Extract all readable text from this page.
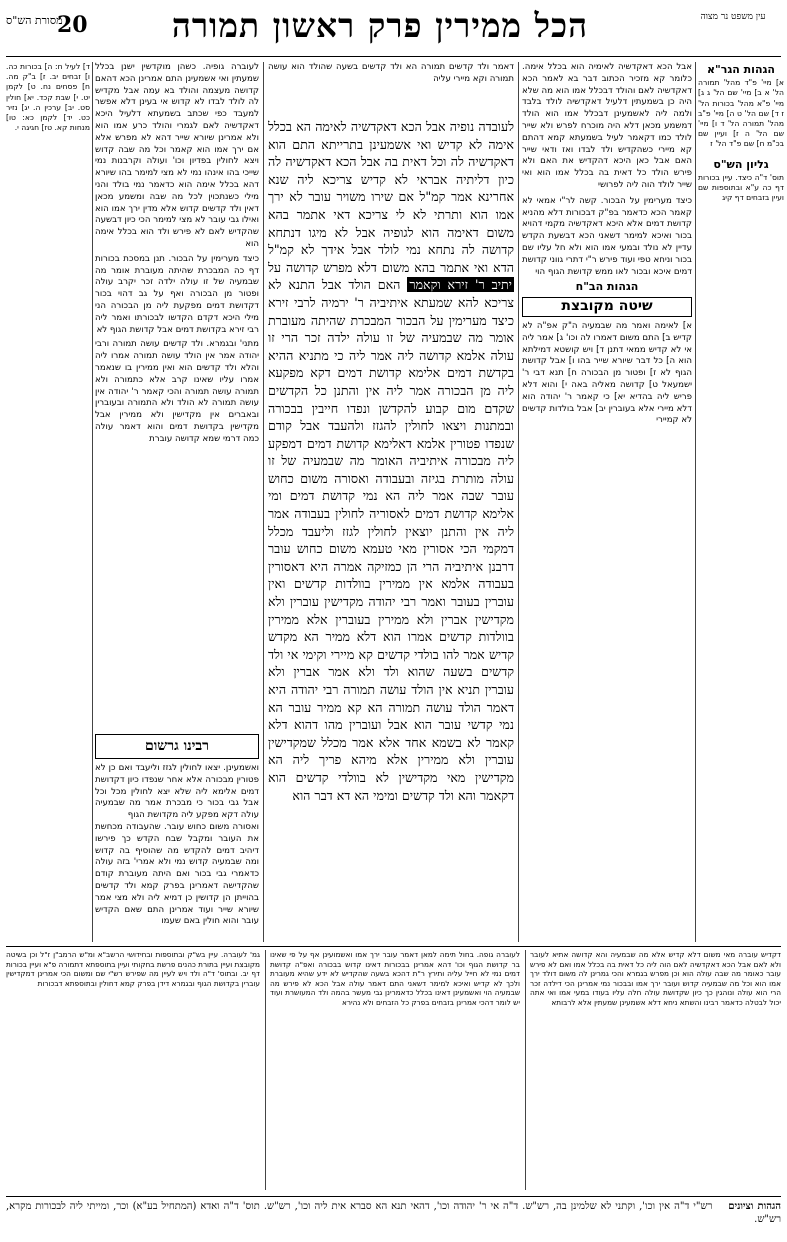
עין משפט נר מצוה
20	הכל ממירין פרק ראשון תמורה
מסורת הש"ס
הגהות הגר"א
א] מיי' פ"ד מהל' תמורה הל' א ב] מיי' שם הל' ג ג] מיי' פ"א מהל' בכורות הל' ז ד] שם הל' ט ה] מיי' פ"ב מהל' תמורה הל' ד ו] מיי' שם הל' ה ז] ועיין שם בכ"מ ח] שם פ"ד הל' ז
גליון הש"ס
תוס' ד"ה כיצד. עיין בכורות דף כה ע"א ובתוספות שם ועיין בזבחים דף קיג
אבל הכא דאקדשיה לאימיה הוא בכלל אימה. כלומר קא מזכיר הכתוב דבר בא לאמר הכא דאקדשיה לאם והולד דבכלל אמו הוא מה שלא היה כן בשמעתין דלעיל דאקדשיה לולד בלבד ולמה ליה לאשמעינן דבכלל אמו הוא הולד דמשמע מכאן דלא היה מוכרח לפרש ולא שייר לולד כמו דקאמר לעיל בשמעתא קמא דהתם קא מיירי כשהקדיש ולד לבדו ואז ודאי שייר האם אבל כאן היכא דהקדיש את האם ולא פירש הולד כל דאית בה בכלל אמו הוא ואי שייר לולד הוה ליה לפרושי
כיצד מערימין על הבכור. קשה לר"י אמאי לא קאמר הכא כדאמר בפ"ק דבכורות דלא מהניא קדושת דמים אלא היכא דאקדשיה מקמי דהויא בכור ואיכא למימר דשאני הכא דבשעת הקדש עדיין לא נולד ובמעי אמו הוא ולא חל עליו שם בכור וניחא טפי ועוד פירש ר"י דתרי גווני קדושת דמים איכא ובכור לאו ממש קדושת הגוף הוי
הגהות הב"ח
שיטה מקובצת
א] לאימה ואמר מה שבמעיה ה"ק אפ"ה לא קדיש ב] התם משום דאמרו לה וכו' ג] אמר ליה אי לא קדיש ממאי דתנן ד] ויש קושטא דמילתא הוא ה] כל דבר שיורא שייר בהו ו] אבל קדושת הגוף לא ז] ופטור מן הבכורה ח] תנא דבי ר' ישמעאל ט] קדושה מאליה באה י] והוא דלא פריש ליה בהדיא יא] כי קאמר ר' יהודה הוא דלא מיירי אלא בעוברין יב] אבל בולדות קדשים לא קמיירי
לעובדה נופיה אבל הכא דאקדשיה לאימה הא בכלל אימה לא קדיש ואי אשמעינן בתרייתא התם הוא דאקדשיה לה וכל דאית בה אבל הכא דאקדשיה לה כיון דליתיה אבראי לא קדיש צריכא ליה שנא אחרינא אמר קמ"ל אם שירו משויר עובר לא ירך אמו הוא ותרתי לא לי צריכא דאי אתמר בהא משום דאימה הוא לגופיה אבל לא מיגו דנתחא קדושה לה נתחא נמי לולד אבל אידך לא קמ"ל הדא ואי אתמר בהא משום דלא מפרש קדושה על יתיב ר' זירא וקאמר האם הולד אבל התנא לא צריכא להא שמעתא איתיביה ר' ירמיה לרבי זירא כיצד מערימין על הבכור המבכרת שהיתה מעוברת אומר מה שבמעיה של זו עולה ילדה זכר הרי זו עולה אלמא קדושה ליה אמר ליה כי מתניא ההיא בקדשת דמים אלימא קדושת דמים דקא מפקעא ליה מן הבכורה אמר ליה אין והתנן כל הקדשים שקדם מום קבוע להקדשן ונפדו חייבין בבכורה ובמתנות ויצאו לחולין להגזז ולהעבד אבל קודם שנפדו פטורין אלמא דאלימא קדושת דמים דמפקע ליה מבכורה איתיביה האומר מה שבמעיה של זו עולה מותרת בגיזה ובעבודה ואסורה משום כחוש עובר שבה אמר ליה הא נמי קדושת דמים ומי אלימא קדושת דמים לאסוריה לחולין בעבודה אמר ליה אין והתנן יוצאין לחולין לגזז וליעבד מכלל דמקמי הכי אסורין מאי טעמא משום כחוש עובר דרבנן איתיביה הרי הן כמזיקה אמרה היא דאסורין בעבודה אלמא אין ממירין בוולדות קדשים ואין עוברין בעובר ואמר רבי יהודה מקדישין עוברין ולא מקדישין אברין ולא ממירין בעוברין אלא ממירין בוולדות קדשים אמרו הוא דלא ממיר הא מקדש קדיש אמר להו בולדי קדשים קא מיירי וקימי אי ולד קדשים בשעה שהוא ולד ולא אמר אברין ולא עוברין תניא אין הולד עושה תמורה רבי יהודה היא דאמר הולד עושה תמורה הא קא ממיר עובר הא נמי קדשי עובר הוא אבל ועוברין מהו דהוא דלא קאמר לא בשמא אחד אלא אמר מכלל שמקדישין עוברין ולא ממירין אלא מיהא פריך ליה הא מקדישין מאי מקדישין לא בוולדי קדשים הוא דקאמר והא ולד קדשים ומימי הא דא דבר הוא
דאמר ולד קדשים תמורה הא ולד קדשים בשעה שהולד הוא עושה תמורה וקא מיירי עליה
לעוברה גופיה. כשהן מוקדשין ישנן בכלל שמעתין ואי אשמעינן התם אמרינן הכא דהאם קדושה מעצמה והולד בא עמה אבל מקדיש לה לולד לבדו לא קדוש אי בעינן דלא אפשר למעבד כפי שכתב בשמעתא דלעיל היכא דאקדשיה לאם לגמרי והולד כרע אמו הוא ולא אמרינן שיורא שייר דהא לא מפרש אלא אם ירך אמו הוא קאמר וכל מה שבה קדוש ויצא לחולין בפדיון וכו' ועולה וקרבנות נמי שייכי בהו אינהו נמי לא מצי למימר בהו שיורא דהא בכלל אימה הוא כדאמר נמי בולד והני מילי כשנתכוין לכל מה שבה ומשמע מכאן דאין ולד קדשים קדוש אלא מדין ירך אמו הוא ואילו גבי עובר לא מצי למימר הכי כיון דבשעה שהקדיש לאם לא פירש ולד הוא בכלל אימה הוא
כיצד מערימין על הבכור. תנן במסכת בכורות דף כה המבכרת שהיתה מעוברת אומר מה שבמעיה של זו עולה ילדה זכר יקרב עולה ופטור מן הבכורה ואף על גב דהוי בכור דקדושת דמים מפקעת ליה מן הבכורה הני מילי היכא דקדם הקדשו לבכורתו ואמר ליה רבי זירא בקדושת דמים אבל קדושת הגוף לא
מתני' ובגמרא. ולד קדשים עושה תמורה ורבי יהודה אמר אין הולד עושה תמורה אמרו ליה והלא ולד קדשים הוא ואין ממירין בו שנאמר אמרו עליו שאינו קרב אלא כתמורה ולא תמורה עושה תמורה והכי קאמר ר' יהודה אין עושה תמורה לא הולד ולא התמורה ובעוברין ובאברים אין מקדישין ולא ממירין אבל מקדישין בקדושת דמים והוא דאמר עולה כמה דרמי שמא קדושה עוברת
רבינו גרשום
ואשמעינן. יצאו לחולין לגזז וליעבד ואם כן לא פטורין מבכורה אלא אחר שנפדו כיון דקדושת דמים אלימא ליה שלא יצא לחולין מכל וכל אבל גבי בכור כי מבכרת אמר מה שבמעיה עולה דקא מפקע ליה מקדושת הגוף
ואסורה משום כחוש עובר. שהעבודה מכחשת את העובר ומקבל שבח הקדש כך פירשו דיהיב דמים להקדש מה שהוסיף בה קדוש ומה שבמעיה קדוש נמי ולא אמרי' בזה עולה כדאמרי גבי בכור ואם היתה מעוברת קודם שהקדישה דאמרינן בפרק קמא ולד קדשים בהוייתן הן קדושין כן דמיא ליה ולא מצי אמר שיורא שייר ועוד אמרינן התם שאם הקדיש עובר והוא חולין באם שעמו
ד] לעיל ח: ה] בכורות כה. ו] זבחים יב. ז] ב"ק מה. ח] פסחים נח. ט] לקמן יט. י] שבת קכד. יא] חולין סט. יב] ערכין ה. יג] נזיר כט. יד] לקמן כא: טו] מנחות קא. טז] חגיגה י.
דקדיש עוברה מאי משום דלא קדיש אלא מה שבמעיה והא קדושה אתיא לעובר ולא לאם אבל הכא דאקדשיה לאם הוה ליה כל דאית בה בכלל אמו ואם לא פירש עובר כאומר מה שבה עולה הוא וכן מפרש בגמרא והכי גמרינן לה משום דולד ירך אמו הוא וכל מה שבמעיה קדוש ועובר ירך אמו ובבכור נמי אמרינן הכי דילדה זכר הרי הוא עולה ונוהגין כך כיון שקדושת עולה חלה עליו בעודו במעי אמו ואי אתה יכול לבטלה כדאמר רבינו והשתא ניחא דלא אשמעינן שמעתין אלא לרבותא
לעוברה גופה. בחול תימה למאן דאמר עובר ירך אמו ואשמועינן אף על פי שאינו בר קדושת הגוף וכו' דהא אמרינן בבכורות דאינו קדוש בבכורה ואפ"ה קדושת דמים נמי לא חייל עליה ותירץ ר"ת דהכא בשעה שהקדיש לא ידע שהיא מעוברת ולכך לא קדיש ואיכא למימר דשאני התם דאמר עולה אבל הכא לא פירש מה שבמעיה הוי ואשמעינן דאינו בכלל כדאמרינן גבי מעשר בהמה ולד המעושרת ועוד יש לומר דהכי אמרינן בזבחים בפרק כל הזבחים ולא נהירא
גמ' לעוברה. עיין בש"ק ובתוספות ובחידושי הרשב"א ומ"ש הרמב"ן ז"ל וכן בשיטה מקובצת ועיין בתורת כהנים פרשת בחקותי ועיין בתוספתא דתמורה פ"א ועיין בכורות דף יב. ובתוס' ד"ה ולד ויש לעיין מה שפירש רש"י שם ומשום הכי אמרינן דמקדישין עוברין בקדושת הגוף ובגמרא דידן בפרק קמא דחולין ובתוספתא דבכורות
הגהות וציונים    רש"י ד"ה אין וכו', וקתני לא שלמינן בה, רש"ש. ד"ה אי ר' יהודה וכו', דהאי תנא הא סברא אית ליה וכו', רש"ש. תוס' ד"ה ואדא (המתחיל בע"א) וכר, ומייתי ליה לבכורות מקרא, רש"ש.
